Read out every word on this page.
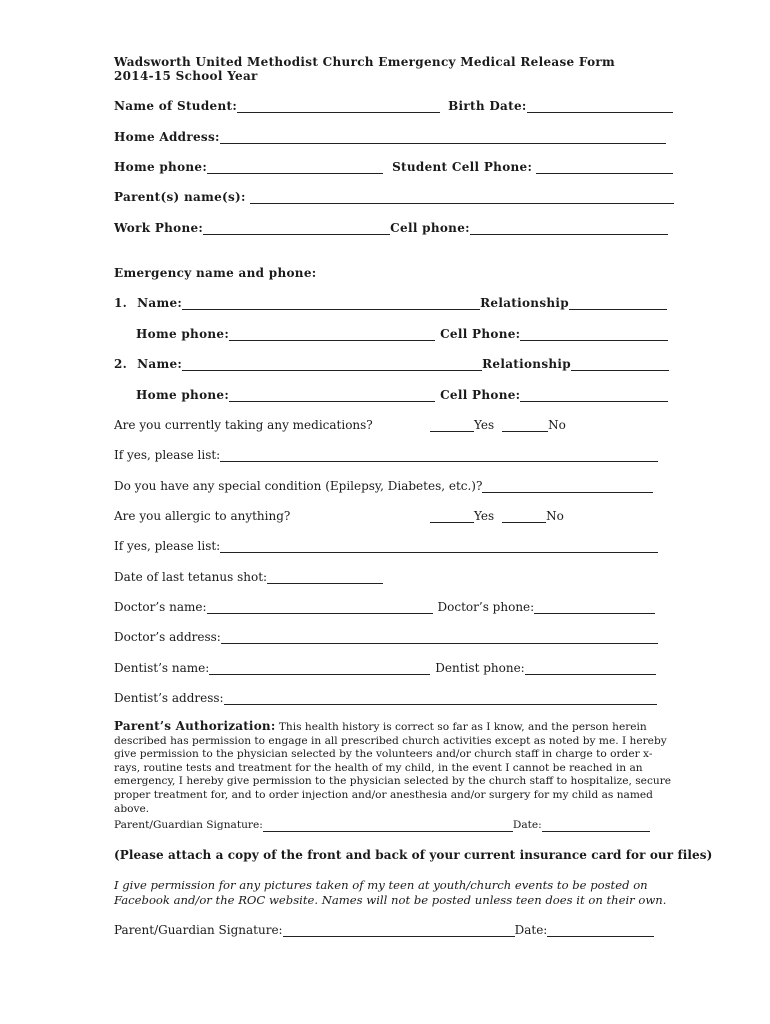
Wadsworth United Methodist Church Emergency Medical Release Form
2014-15 School Year
Name of Student:	Birth Date:
Home Address:
Home phone:	Student Cell Phone:
Parent(s) name(s):
Work Phone:	Cell phone:
Emergency name and phone:
1. Name:	Relationship
Home phone:	Cell Phone:
2. Name:	Relationship
Home phone:	Cell Phone:
Are you currently taking any medications?	Yes	No
If yes, please list:
Do you have any special condition (Epilepsy, Diabetes, etc.)?
Are you allergic to anything?	Yes	No
If yes, please list:
Date of last tetanus shot:
Doctor’s name:	Doctor’s phone:
Doctor’s address:
Dentist’s name:	Dentist phone:
Dentist’s address:
Parent’s Authorization: This health history is correct so far as I know, and the person herein described has permission to engage in all prescribed church activities except as noted by me. I hereby give permission to the physician selected by the volunteers and/or church staff in charge to order x-rays, routine tests and treatment for the health of my child, in the event I cannot be reached in an emergency, I hereby give permission to the physician selected by the church staff to hospitalize, secure proper treatment for, and to order injection and/or anesthesia and/or surgery for my child as named above.
Parent/Guardian Signature:	Date:
(Please attach a copy of the front and back of your current insurance card for our files)
I give permission for any pictures taken of my teen at youth/church events to be posted on Facebook and/or the ROC website. Names will not be posted unless teen does it on their own.
Parent/Guardian Signature:	Date:
